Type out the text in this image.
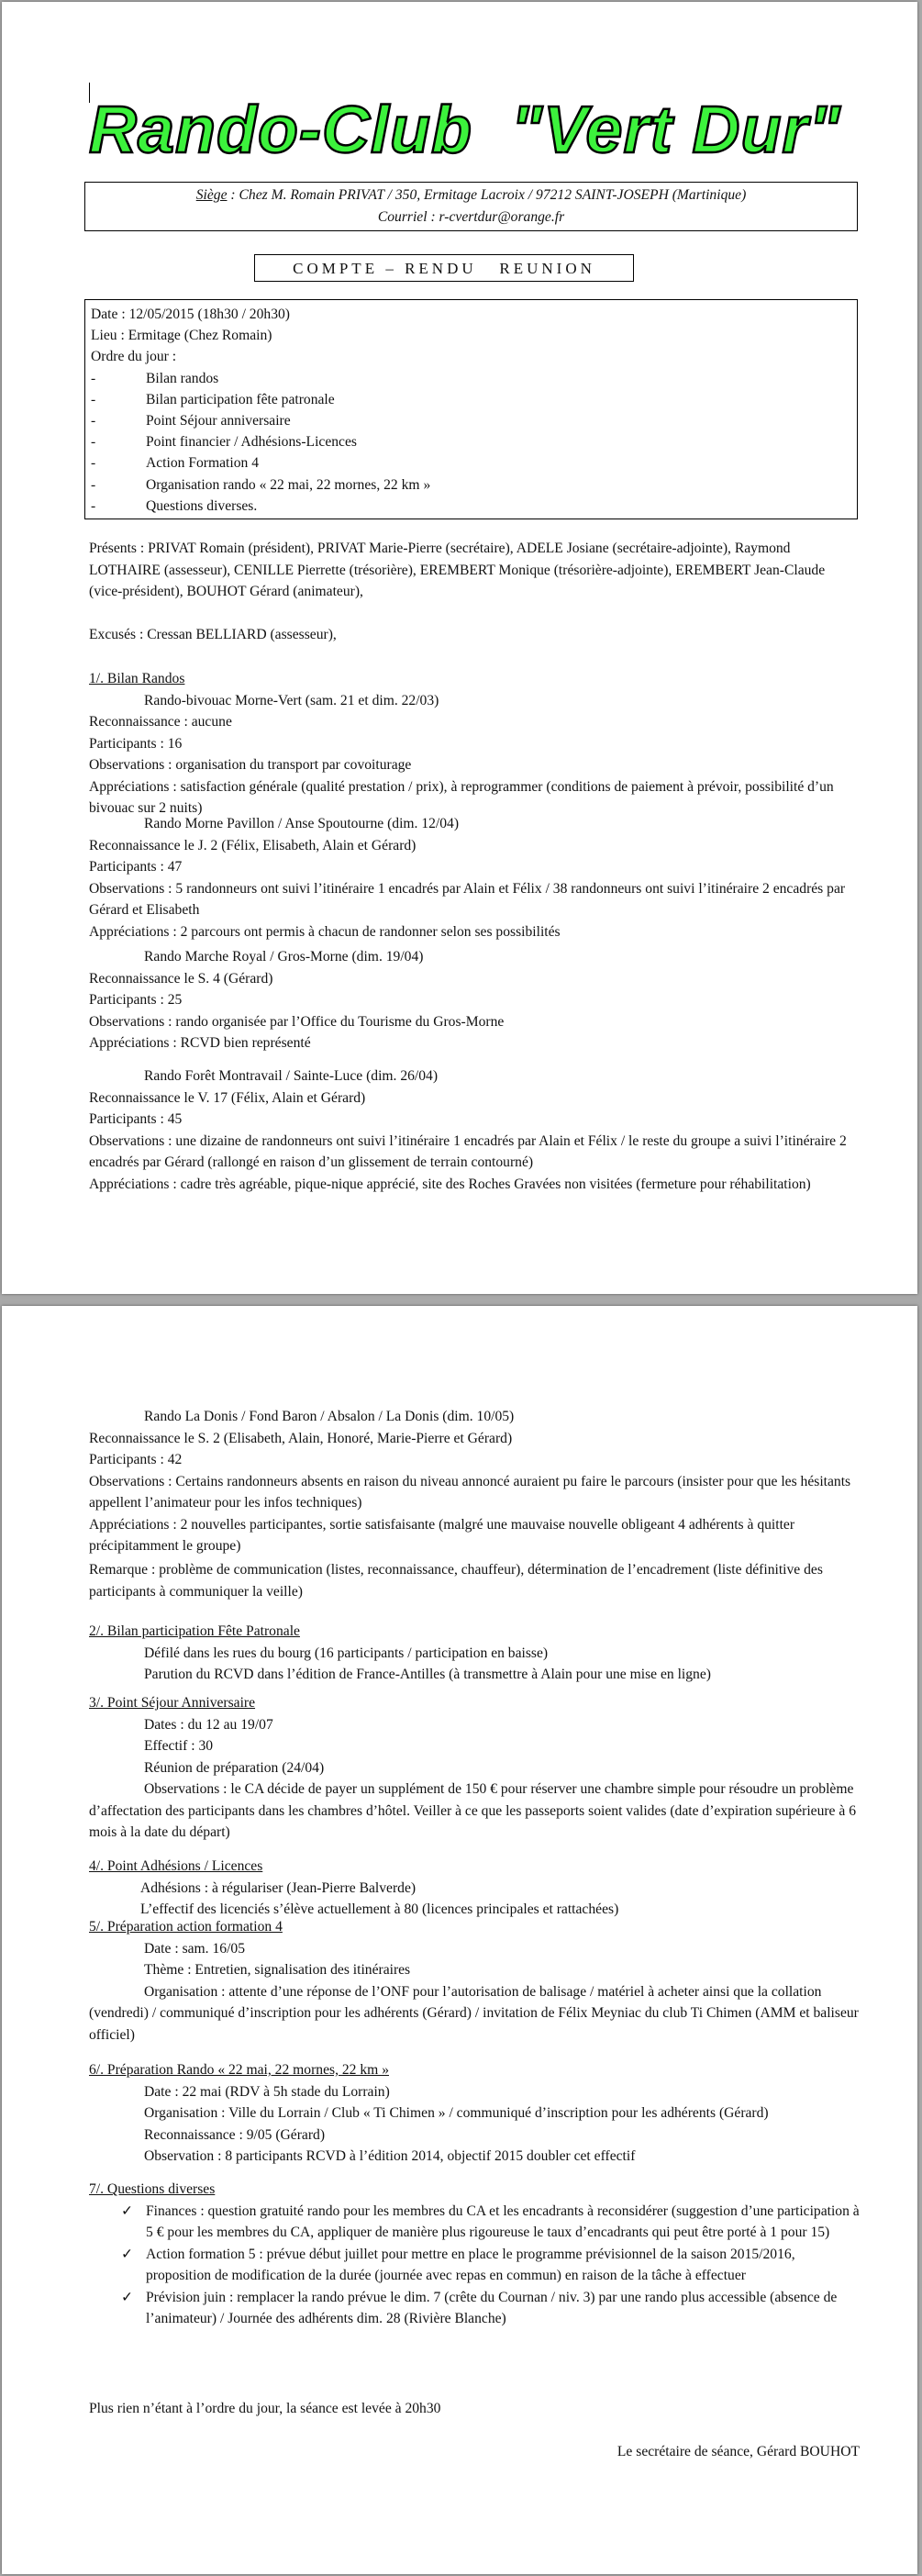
Rando-Club  "Vert Dur"
Siège : Chez M. Romain PRIVAT / 350, Ermitage Lacroix / 97212 SAINT-JOSEPH (Martinique)
Courriel : r-cvertdur@orange.fr
COMPTE – RENDU   REUNION

Date : 12/05/2015 (18h30 / 20h30)

Lieu : Ermitage (Chez Romain)

Ordre du jour :

-	Bilan randos

-	Bilan participation fête patronale

-	Point Séjour anniversaire

-	Point financier / Adhésions-Licences

-	Action Formation 4

-	Organisation rando « 22 mai, 22 mornes, 22 km »

-	Questions diverses.

Présents : PRIVAT Romain (président), PRIVAT Marie-Pierre (secrétaire), ADELE Josiane (secrétaire-adjointe), Raymond LOTHAIRE (assesseur), CENILLE Pierrette (trésorière), EREMBERT Monique (trésorière-adjointe), EREMBERT Jean-Claude (vice-président), BOUHOT Gérard (animateur),
Excusés : Cressan BELLIARD (assesseur),

1/. Bilan Randos

Rando-bivouac Morne-Vert (sam. 21 et dim. 22/03)

Reconnaissance : aucune

Participants : 16

Observations : organisation du transport par covoiturage

Appréciations : satisfaction générale (qualité prestation / prix), à reprogrammer (conditions de paiement à prévoir, possibilité d’un bivouac sur 2 nuits)

Rando Morne Pavillon / Anse Spoutourne (dim. 12/04)

Reconnaissance le J. 2 (Félix, Elisabeth, Alain et Gérard)

Participants : 47

Observations : 5 randonneurs ont suivi l’itinéraire 1 encadrés par Alain et Félix / 38 randonneurs ont suivi l’itinéraire 2 encadrés par Gérard et Elisabeth

Appréciations : 2 parcours ont permis à chacun de randonner selon ses possibilités

Rando Marche Royal / Gros-Morne (dim. 19/04)

Reconnaissance le S. 4 (Gérard)

Participants : 25

Observations : rando organisée par l’Office du Tourisme du Gros-Morne

Appréciations : RCVD bien représenté

Rando Forêt Montravail / Sainte-Luce (dim. 26/04)

Reconnaissance le V. 17 (Félix, Alain et Gérard)

Participants : 45

Observations : une dizaine de randonneurs ont suivi l’itinéraire 1 encadrés par Alain et Félix / le reste du groupe a suivi l’itinéraire 2 encadrés par Gérard (rallongé en raison d’un glissement de terrain contourné)

Appréciations : cadre très agréable, pique-nique apprécié, site des Roches Gravées non visitées (fermeture pour réhabilitation)

Rando La Donis / Fond Baron / Absalon / La Donis (dim. 10/05)

Reconnaissance le S. 2 (Elisabeth, Alain, Honoré, Marie-Pierre et Gérard)

Participants : 42

Observations : Certains randonneurs absents en raison du niveau annoncé auraient pu faire le parcours (insister pour que les hésitants appellent l’animateur pour les infos techniques)

Appréciations : 2 nouvelles participantes, sortie satisfaisante (malgré une mauvaise nouvelle obligeant 4 adhérents à quitter précipitamment le groupe)

Remarque : problème de communication (listes, reconnaissance, chauffeur), détermination de l’encadrement (liste définitive des participants à communiquer la veille)

2/. Bilan participation Fête Patronale

Défilé dans les rues du bourg (16 participants / participation en baisse)

Parution du RCVD dans l’édition de France-Antilles (à transmettre à Alain pour une mise en ligne)

3/. Point Séjour Anniversaire

Dates : du 12 au 19/07

Effectif : 30

Réunion de préparation (24/04)

Observations : le CA décide de payer un supplément de 150 € pour réserver une chambre simple pour résoudre un problème d’affectation des participants dans les chambres d’hôtel. Veiller à ce que les passeports soient valides (date d’expiration supérieure à 6 mois à la date du départ)

4/. Point Adhésions / Licences

Adhésions : à régulariser (Jean-Pierre Balverde)

L’effectif des licenciés s’élève actuellement à 80 (licences principales et rattachées)

5/. Préparation action formation 4

Date : sam. 16/05

Thème : Entretien, signalisation des itinéraires

Organisation : attente d’une réponse de l’ONF pour l’autorisation de balisage / matériel à acheter ainsi que la collation (vendredi) / communiqué d’inscription pour les adhérents (Gérard) / invitation de Félix Meyniac du club Ti Chimen (AMM et baliseur officiel)

6/. Préparation Rando « 22 mai, 22 mornes, 22 km »

Date : 22 mai (RDV à 5h stade du Lorrain)

Organisation : Ville du Lorrain / Club « Ti Chimen » / communiqué d’inscription pour les adhérents (Gérard)

Reconnaissance : 9/05 (Gérard)

Observation : 8 participants RCVD à l’édition 2014, objectif 2015 doubler cet effectif

7/. Questions diverses

✓ Finances : question gratuité rando pour les membres du CA et les encadrants à reconsidérer (suggestion d’une participation à 5 € pour les membres du CA, appliquer de manière plus rigoureuse le taux d’encadrants qui peut être porté à 1 pour 15)

✓ Action formation 5 : prévue début juillet pour mettre en place le programme prévisionnel de la saison 2015/2016, proposition de modification de la durée (journée avec repas en commun) en raison de la tâche à effectuer

✓ Prévision juin : remplacer la rando prévue le dim. 7 (crête du Cournan / niv. 3) par une rando plus accessible (absence de l’animateur) / Journée des adhérents dim. 28 (Rivière Blanche)

Plus rien n’étant à l’ordre du jour, la séance est levée à 20h30
Le secrétaire de séance, Gérard BOUHOT
